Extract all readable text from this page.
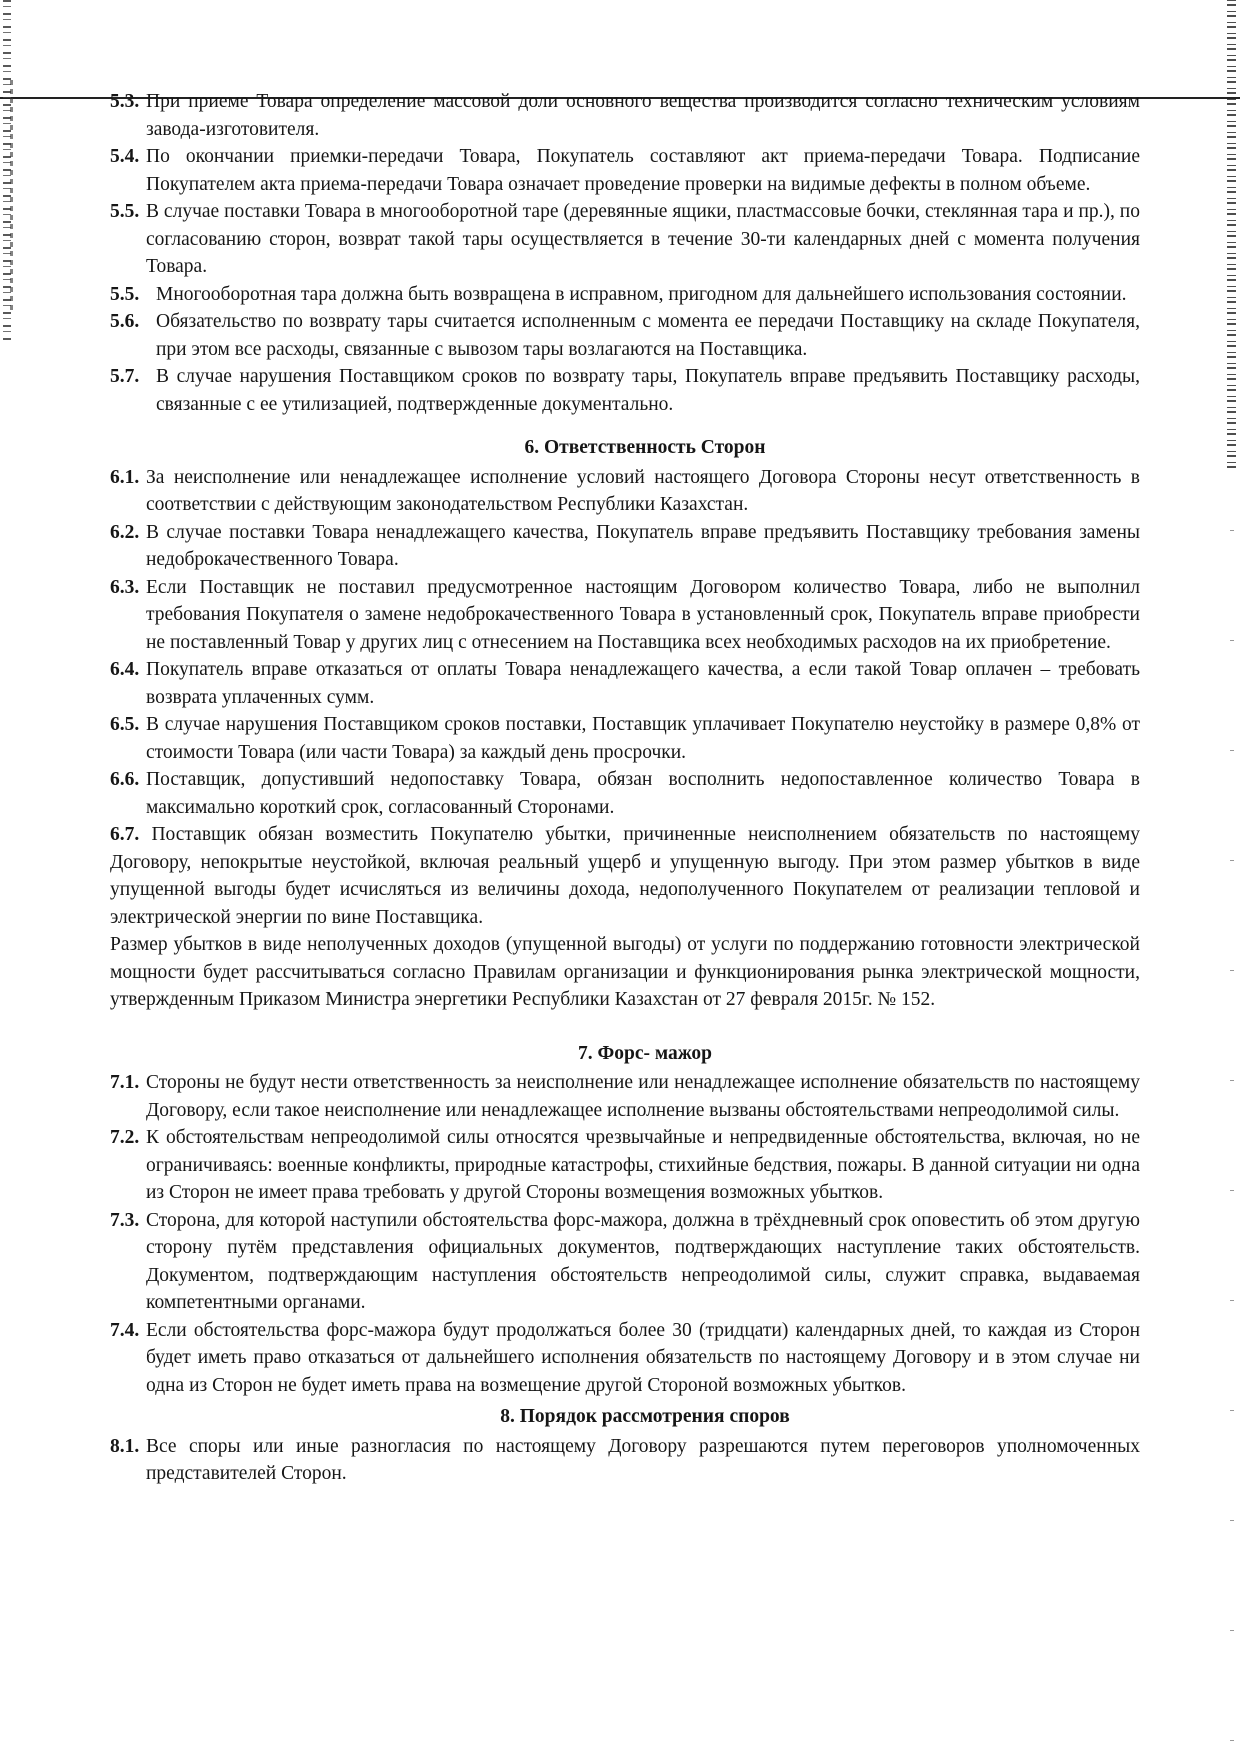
5.3. При приеме Товара определение массовой доли основного вещества производится согласно техническим условиям завода-изготовителя.
5.4. По окончании приемки-передачи Товара, Покупатель составляют акт приема-передачи Товара. Подписание Покупателем акта приема-передачи Товара означает проведение проверки на видимые дефекты в полном объеме.
5.5. В случае поставки Товара в многооборотной таре (деревянные ящики, пластмассовые бочки, стеклянная тара и пр.), по согласованию сторон, возврат такой тары осуществляется в течение 30-ти календарных дней с момента получения Товара.
5.5. Многооборотная тара должна быть возвращена в исправном, пригодном для дальнейшего использования состоянии.
5.6. Обязательство по возврату тары считается исполненным с момента ее передачи Поставщику на складе Покупателя, при этом все расходы, связанные с вывозом тары возлагаются на Поставщика.
5.7. В случае нарушения Поставщиком сроков по возврату тары, Покупатель вправе предъявить Поставщику расходы, связанные с ее утилизацией, подтвержденные документально.
6. Ответственность Сторон
6.1. За неисполнение или ненадлежащее исполнение условий настоящего Договора Стороны несут ответственность в соответствии с действующим законодательством Республики Казахстан.
6.2. В случае поставки Товара ненадлежащего качества, Покупатель вправе предъявить Поставщику требования замены недоброкачественного Товара.
6.3. Если Поставщик не поставил предусмотренное настоящим Договором количество Товара, либо не выполнил требования Покупателя о замене недоброкачественного Товара в установленный срок, Покупатель вправе приобрести не поставленный Товар у других лиц с отнесением на Поставщика всех необходимых расходов на их приобретение.
6.4. Покупатель вправе отказаться от оплаты Товара ненадлежащего качества, а если такой Товар оплачен – требовать возврата уплаченных сумм.
6.5. В случае нарушения Поставщиком сроков поставки, Поставщик уплачивает Покупателю неустойку в размере 0,8% от стоимости Товара (или части Товара) за каждый день просрочки.
6.6. Поставщик, допустивший недопоставку Товара, обязан восполнить недопоставленное количество Товара в максимально короткий срок, согласованный Сторонами.
6.7. Поставщик обязан возместить Покупателю убытки, причиненные неисполнением обязательств по настоящему Договору, непокрытые неустойкой, включая реальный ущерб и упущенную выгоду. При этом размер убытков в виде упущенной выгоды будет исчисляться из величины дохода, недополученного Покупателем от реализации тепловой и электрической энергии по вине Поставщика.
Размер убытков в виде неполученных доходов (упущенной выгоды) от услуги по поддержанию готовности электрической мощности будет рассчитываться согласно Правилам организации и функционирования рынка электрической мощности, утвержденным Приказом Министра энергетики Республики Казахстан от 27 февраля 2015г. № 152.
7. Форс- мажор
7.1. Стороны не будут нести ответственность за неисполнение или ненадлежащее исполнение обязательств по настоящему Договору, если такое неисполнение или ненадлежащее исполнение вызваны обстоятельствами непреодолимой силы.
7.2. К обстоятельствам непреодолимой силы относятся чрезвычайные и непредвиденные обстоятельства, включая, но не ограничиваясь: военные конфликты, природные катастрофы, стихийные бедствия, пожары. В данной ситуации ни одна из Сторон не имеет права требовать у другой Стороны возмещения возможных убытков.
7.3. Сторона, для которой наступили обстоятельства форс-мажора, должна в трёхдневный срок оповестить об этом другую сторону путём представления официальных документов, подтверждающих наступление таких обстоятельств. Документом, подтверждающим наступления обстоятельств непреодолимой силы, служит справка, выдаваемая компетентными органами.
7.4. Если обстоятельства форс-мажора будут продолжаться более 30 (тридцати) календарных дней, то каждая из Сторон будет иметь право отказаться от дальнейшего исполнения обязательств по настоящему Договору и в этом случае ни одна из Сторон не будет иметь права на возмещение другой Стороной возможных убытков.
8. Порядок рассмотрения споров
8.1. Все споры или иные разногласия по настоящему Договору разрешаются путем переговоров уполномоченных представителей Сторон.
